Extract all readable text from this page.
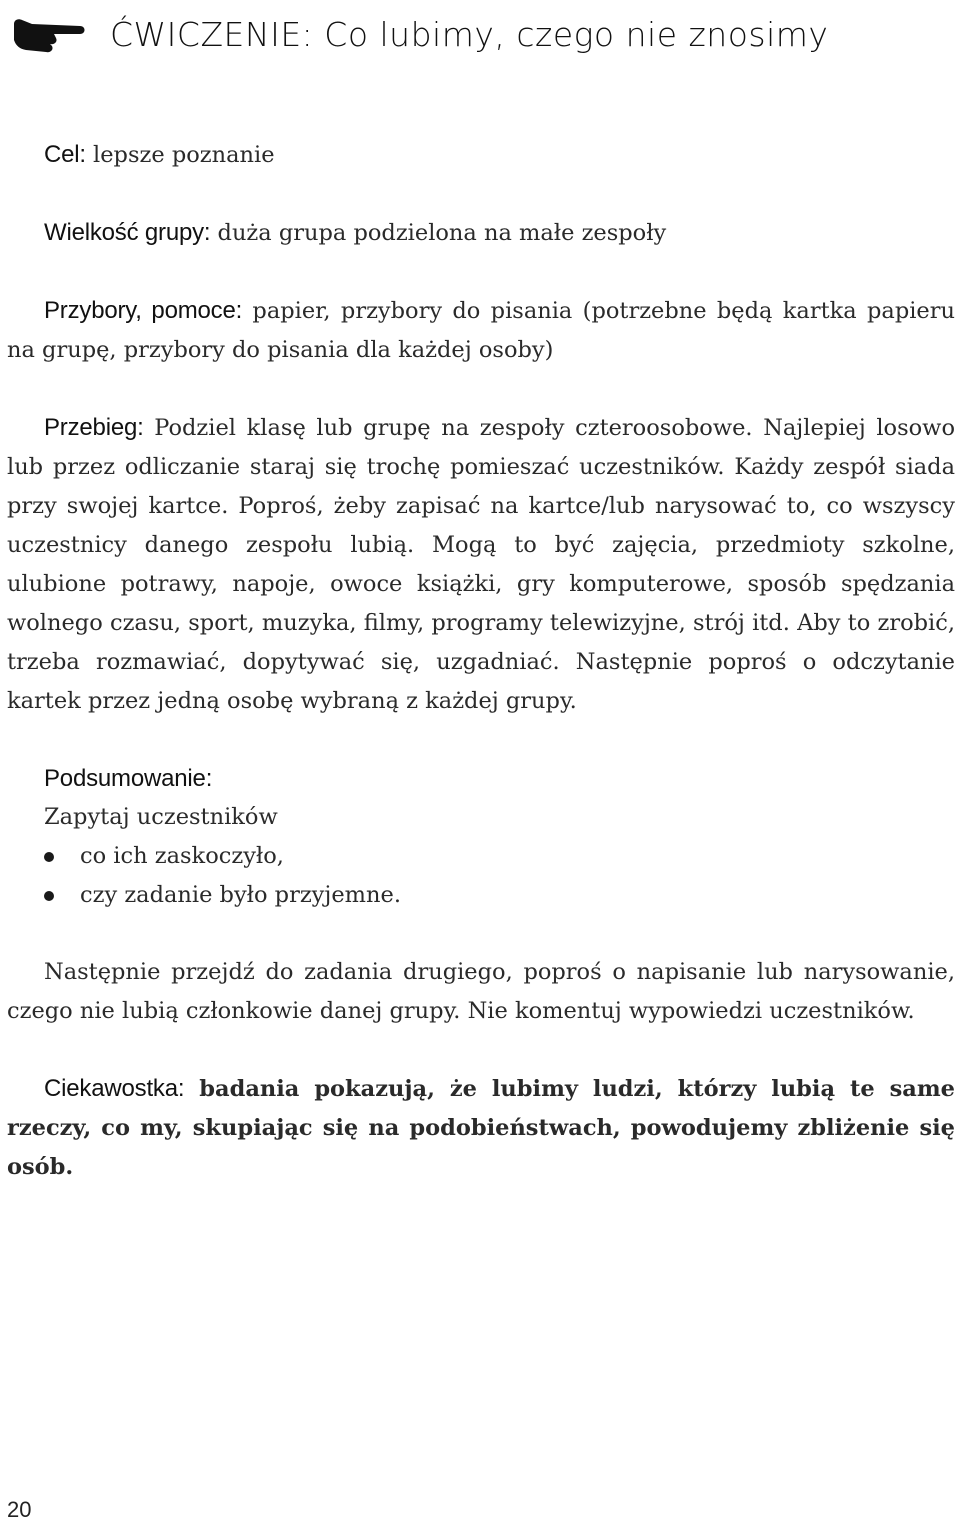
ĆWICZENIE: Co lubimy, czego nie znosimy

Cel: lepsze poznanie

Wielkość grupy: duża grupa podzielona na małe zespoły

Przybory, pomoce: papier, przybory do pisania (potrzebne będą kartka papieru na grupę, przybory do pisania dla każdej osoby)

Przebieg: Podziel klasę lub grupę na zespoły czteroosobowe. Najlepiej losowo lub przez odliczanie staraj się trochę pomieszać uczestników. Każdy zespół siada przy swojej kartce. Poproś, żeby zapisać na kartce/lub narysować to, co wszyscy uczestnicy danego zespołu lubią. Mogą to być zajęcia, przedmioty szkolne, ulubione potrawy, napoje, owoce książki, gry komputerowe, sposób spędzania wolnego czasu, sport, muzyka, filmy, programy telewizyjne, strój itd. Aby to zrobić, trzeba rozmawiać, dopytywać się, uzgadniać. Następnie poproś o odczytanie kartek przez jedną osobę wybraną z każdej grupy.

Podsumowanie:
Zapytaj uczestników
co ich zaskoczyło,
czy zadanie było przyjemne.

Następnie przejdź do zadania drugiego, poproś o napisanie lub narysowanie, czego nie lubią członkowie danej grupy. Nie komentuj wypowiedzi uczestników.

Ciekawostka: badania pokazują, że lubimy ludzi, którzy lubią te same rzeczy, co my, skupiając się na podobieństwach, powodujemy zbliżenie się osób.

20
